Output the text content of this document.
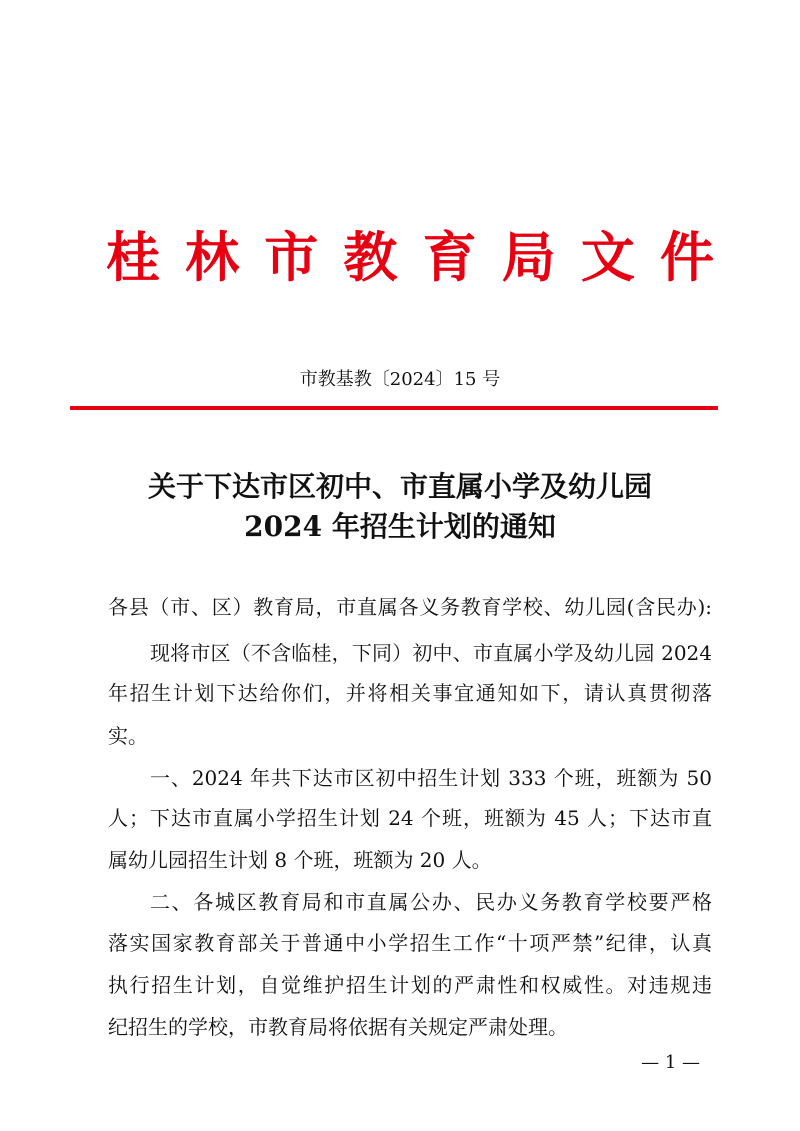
桂 林 市 教 育 局 文 件
市教基教〔2024〕15 号
关于下达市区初中、市直属小学及幼儿园
2024 年招生计划的通知
各县（市、区）教育局，市直属各义务教育学校、幼儿园(含民办):
现将市区（不含临桂，下同）初中、市直属小学及幼儿园 2024
年招生计划下达给你们，并将相关事宜通知如下，请认真贯彻落
实。
一、2024 年共下达市区初中招生计划 333 个班，班额为 50
人；下达市直属小学招生计划 24 个班，班额为 45 人；下达市直
属幼儿园招生计划 8 个班，班额为 20 人。
二、各城区教育局和市直属公办、民办义务教育学校要严格
落实国家教育部关于普通中小学招生工作“十项严禁”纪律，认真
执行招生计划，自觉维护招生计划的严肃性和权威性。对违规违
纪招生的学校，市教育局将依据有关规定严肃处理。
— 1 —
